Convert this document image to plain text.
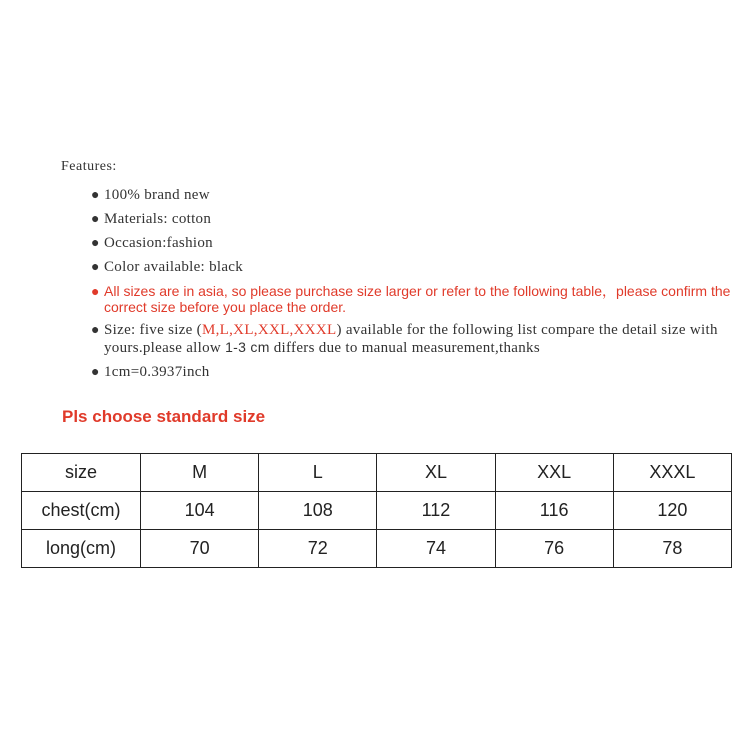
Features:
● 100% brand new
● Materials: cotton
● Occasion:fashion
● Color available: black
● All sizes are in asia, so please purchase size larger or refer to the following table，please confirm the correct size before you place the order.
● Size: five size (M,L,XL,XXL,XXXL) available for the following list compare the detail size with yours.please allow 1-3 cm differs due to manual measurement,thanks
● 1cm=0.3937inch
Pls choose standard size
size	M	L	XL	XXL	XXXL
chest(cm)	104	108	112	116	120
long(cm)	70	72	74	76	78
